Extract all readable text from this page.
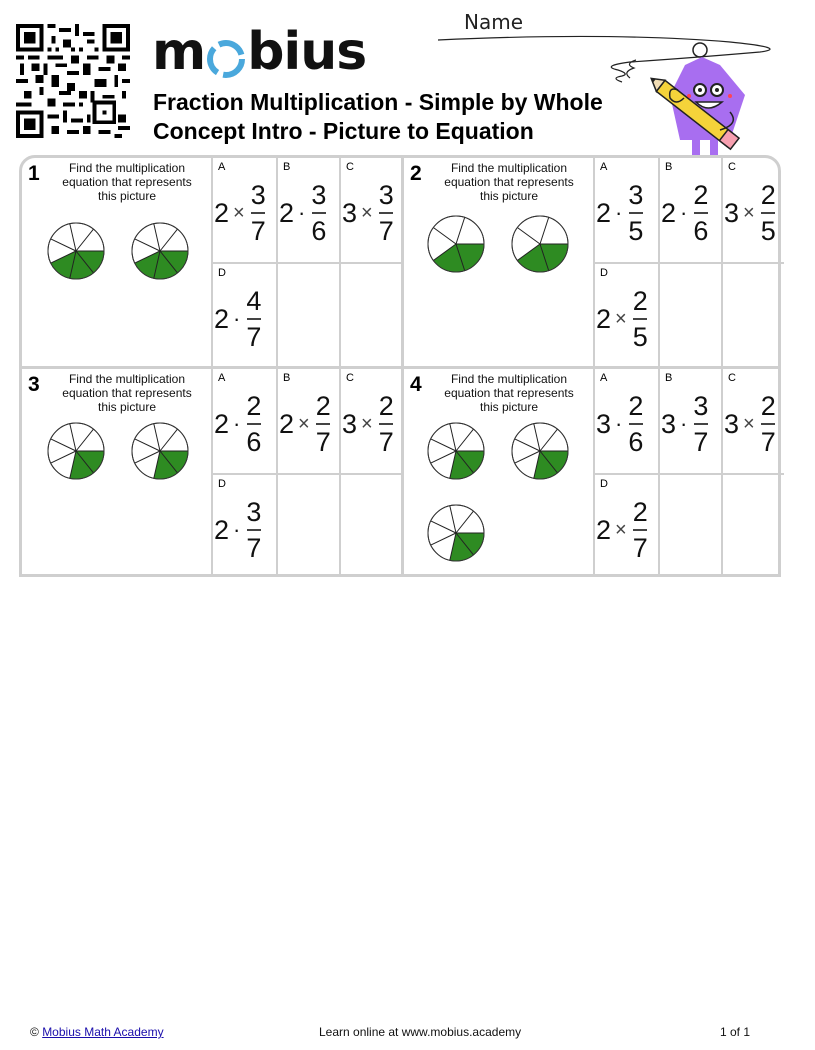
m bius
Fraction Multiplication - Simple by Whole
Concept Intro - Picture to Equation
Name
1	Find the multiplication equation that represents this picture
A
$2 \times \frac{3}{7}$
B
$2 \cdot \frac{3}{6}$
C
$3 \times \frac{3}{7}$
D
$2 \cdot \frac{4}{7}$
2	Find the multiplication equation that represents this picture
A
$2 \cdot \frac{3}{5}$
B
$2 \cdot \frac{2}{6}$
C
$3 \times \frac{2}{5}$
D
$2 \times \frac{2}{5}$
3	Find the multiplication equation that represents this picture
A
$2 \cdot \frac{2}{6}$
B
$2 \times \frac{2}{7}$
C
$3 \times \frac{2}{7}$
D
$2 \cdot \frac{3}{7}$
4	Find the multiplication equation that represents this picture
A
$3 \cdot \frac{2}{6}$
B
$3 \cdot \frac{3}{7}$
C
$3 \times \frac{2}{7}$
D
$2 \times \frac{2}{7}$
© Mobius Math Academy	Learn online at www.mobius.academy	1 of 1
